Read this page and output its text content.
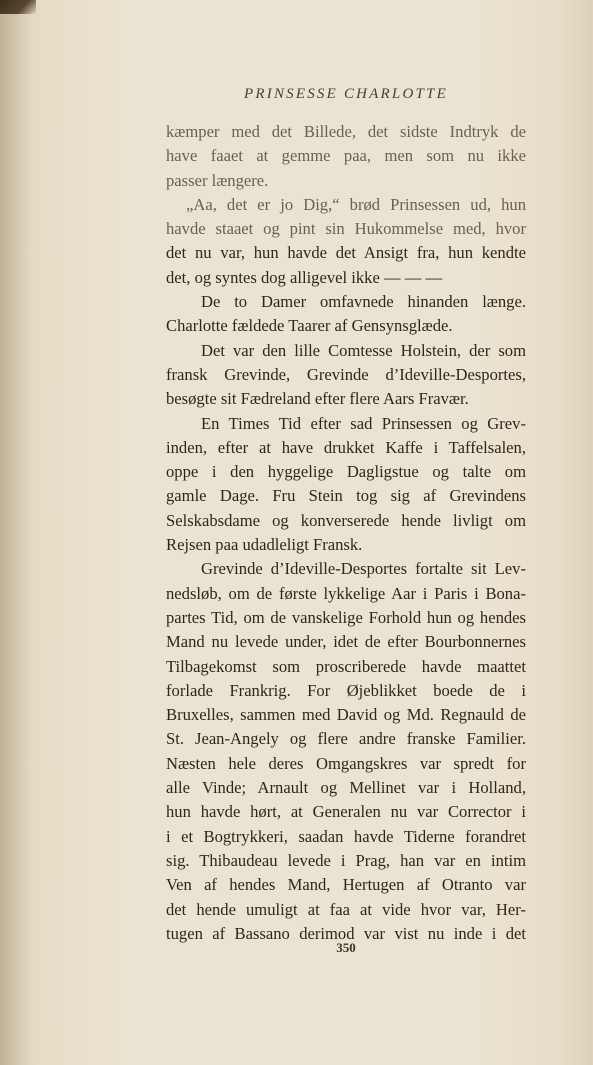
PRINSESSE CHARLOTTE

kæmper med det Billede, det sidste Indtryk de

have faaet at gemme paa, men som nu ikke

passer længere.

„Aa, det er jo Dig,“ brød Prinsessen ud, hun

havde staaet og pint sin Hukommelse med, hvor

det nu var, hun havde det Ansigt fra, hun kendte

det, og syntes dog alligevel ikke — — —

De to Damer omfavnede hinanden længe.

Charlotte fældede Taarer af Gensynsglæde.

Det var den lille Comtesse Holstein, der som

fransk Grevinde, Grevinde d’Ideville-Desportes,

besøgte sit Fædreland efter flere Aars Fravær.

En Times Tid efter sad Prinsessen og Grev-

inden, efter at have drukket Kaffe i Taffelsalen,

oppe i den hyggelige Dagligstue og talte om

gamle Dage. Fru Stein tog sig af Grevindens

Selskabsdame og konverserede hende livligt om

Rejsen paa udadleligt Fransk.

Grevinde d’Ideville-Desportes fortalte sit Lev-

nedsløb, om de første lykkelige Aar i Paris i Bona-

partes Tid, om de vanskelige Forhold hun og hendes

Mand nu levede under, idet de efter Bourbonnernes

Tilbagekomst som proscriberede havde maattet

forlade Frankrig. For Øjeblikket boede de i

Bruxelles, sammen med David og Md. Regnauld de

St. Jean-Angely og flere andre franske Familier.

Næsten hele deres Omgangskres var spredt for

alle Vinde; Arnault og Mellinet var i Holland,

hun havde hørt, at Generalen nu var Corrector i

i et Bogtrykkeri, saadan havde Tiderne forandret

sig. Thibaudeau levede i Prag, han var en intim

Ven af hendes Mand, Hertugen af Otranto var

det hende umuligt at faa at vide hvor var, Her-

tugen af Bassano derimod var vist nu inde i det

350
